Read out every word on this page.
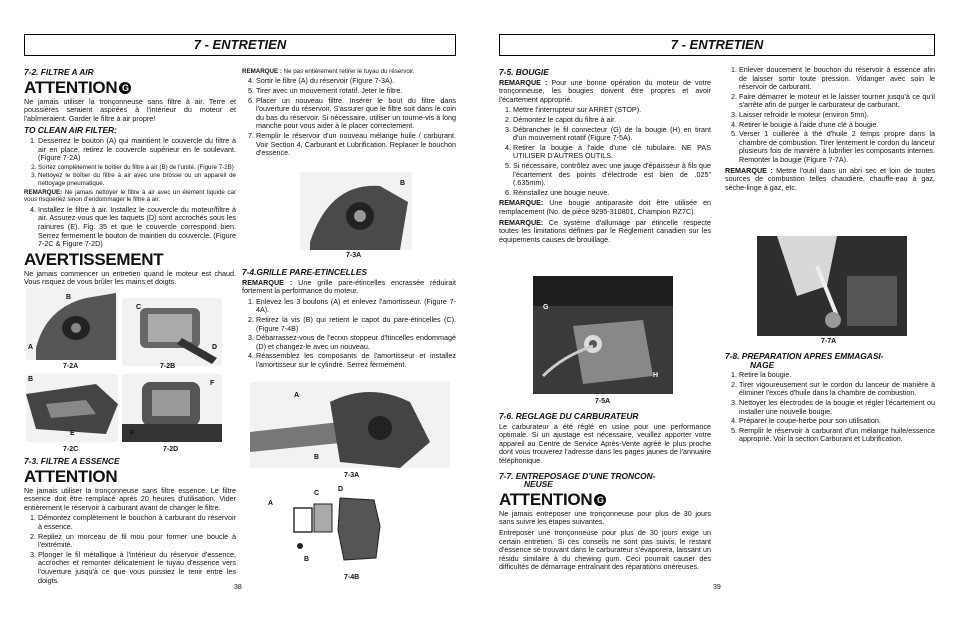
7 - ENTRETIEN
7-2. FILTRE A AIR
ATTENTION G

Ne jamais utiliser la tronçonneuse sans filtre à air. Terre et poussières seraient aspirées à l'intérieur du moteur et l'abîmeraient. Garder le filtre à air propre!

TO CLEAN AIR FILTER:
1. Desserrez le bouton (A) qui maintient le couvercle du filtre à air en place, retirez le couvercle supérieur en le soulevant. (Figure 7-2A)
2. Sortez complètement le boîtier du filtre à air (B) de l'unité. (Figure 7-2B)
3. Nettoyez le boîtier du filtre à air avec une brosse ou un appareil de nettoyage pneumatique.

REMARQUE: Ne jamais nettoyer le filtre à air avec un élément liquide car vous risqueriez sinon d'endommager le filtre à air.

4. Installez le filtre à air. Installez le couvercle du moteur/filtre à air. Assurez-vous que les taquets (D) sont accrochés sous les rainures (E). Fig. 35 et que le couvercle correspond bien. Serrez fermement le bouton de maintien du couvercle. (Figure 7-2C & Figure 7-2D)
AVERTISSEMENT

Ne jamais commencer un entretien quand le moteur est chaud. Vous risquez de vous brûler les mains et doigts.

B
A
7-2A
C
D
7-2B
B
E
7-2C
F
F
7-2D
7-3. FILTRE A ESSENCE
ATTENTION

Ne jamais utiliser la tronçonneuse sans filtre essence. Le filtre essence doit être remplacé après 20 heures d'utilisation. Vider entièrement le réservoir à carburant avant de changer le filtre.

1. Démontez complètement le bouchon à carburant du réservoir à essence.
2. Repliez un morceau de fil mou pour former une boucle à l'extrémité.
3. Plonger le fil métallique à l'intérieur du réservoir d'essence, accrocher et remonter délicatement le tuyau d'essence vers l'ouverture jusqu'à ce que vous puissiez le tenir entre les doigts.

REMARQUE : Ne pas entièrement retirer le tuyau du réservoir.

4. Sortir le filtre (A) du réservoir (Figure 7-3A).
5. Tirer avec un mouvement rotatif. Jeter le filtre.
6. Placer un nouveau filtre. Insérer le bout du filtre dans l'ouverture du réservoir. S'assurer que le filtre soit dans le coin du bas du réservoir. Si nécessaire, utiliser un tourne-vis à long manche pour vous aider à le placer correctement.
7. Remplir le réservoir d'un nouveau mélange huile / carburant. Voir Section 4, Carburant et Lubrification. Replacer le bouchon d'essence.
B
7-3A
7-4.GRILLE PARE-ETINCELLES

REMARQUE : Une grille pare-étincelles encrassée réduirait fortement la performance du moteur.

1. Enlevez les 3 boulons (A) et enlevez l'amortisseur. (Figure 7-4A).
2. Retirez la vis (B) qui retient le capot du pare-étincelles (C). (Figure 7-4B)
3. Débarrassez-vous de l'ecrxn stoppeur d'ltincelles endommagé (D) et changez-le avec un nouveau.
4. Réassemblez les composants de l'amortisseur et installez l'amortisseur sur le cylindre. Serrez fermement.
A
B
7-3A
A
C
D
B
7-4B
38
7 - ENTRETIEN
7-5. BOUGIE

REMARQUE : Pour une bonne opération du moteur de votre tronçonneuse, les bougies doivent être propres et avoir l'écartement approprié.

1. Mettre l'interrupteur sur ARRET (STOP).
2. Démontez le capot du filtre à air.
3. Débrancher le fil connecteur (G) de la bougie (H) en tirant d'un mouvement rotatif (Figure 7-5A).
4. Retirer la bougie à l'aide d'une clé tubulaire. NE PAS UTILISER D'AUTRES OUTILS.
5. Si nécessaire, contrôlez avec une jauge d'épaisseur à fils que l'écartement des points d'électrode est bien de .025" (.635mm).
6. Réinstallez une bougie neuve.

REMARQUE: Une bougie antiparasite doit être utilisée en remplacement (No. de pièce 9295-310801, Champion RZ7C).

REMARQUE: Ce système d'allumage par étincelle respecte toutes les limitations définies par le Règlement canadien sur les équipements causes de brouillage.

G
H
7-5A
7-6. REGLAGE DU CARBURATEUR

Le carburateur a été réglé en usine pour une performance optimale. Si un ajustage est nécessaire, veuillez apporter votre appareil au Centre de Service Après-Vente agréé le plus proche dont vous trouverez l'adresse dans les pages jaunes de l'annuaire téléphonique.

7-7. ENTREPOSAGE D'UNE TRONCON-
NEUSE
ATTENTION G

Ne jamais entreposer une tronçonneuse pour plus de 30 jours sans suivre les étapes suivantes.

Entreposer une tronçonneuse pour plus de 30 jours exige un certain entretien. Si ces conseils ne sont pas suivis, le restant d'essence se trouvant dans le carburateur s'évaporera, laissant un résidu similaire à du chewing gum. Ceci pourrait causer des difficultés de démarrage entraînant des réparations onéreuses.

1. Enlever doucement le bouchon du réservoir à essence afin de laisser sortir toute pression. Vidanger avec soin le réservoir de carburant.
2. Faire démarrer le moteur et le laisser tourner jusqu'à ce qu'il s'arrête afin de purger le carburateur de carburant.
3. Laisser refroidir le moteur (environ 5mn).
4. Retirer le bougie à l'aide d'une clé à bougie.
5. Verser 1 cuillerée à thé d'huile 2 temps propre dans la chambre de combustion. Tirer lentement le cordon du lanceur plusieurs fois de manière à lubrifier les composants internes. Remonter la bougie (Figure 7-7A).

REMARQUE : Mettre l'outil dans un abri sec et loin de toutes sources de combustion telles chaudière, chauffe-eau à gaz, sèche-linge à gaz, etc.

7-7A
7-8. PREPARATION APRES EMMAGASI-
NAGE
1. Retire la bougie.
2. Tirer vigoureusement sur le cordon du lanceur de manière à éliminer l'excés d'huile dans la chambre de combustion.
3. Nettoyer les électrodes de la bougie et régler l'écartement ou installer une nouvelle bougie.
4. Préparer le coupe-herbe pour son utilisation.
5. Remplir le réservoir à carburant d'un mélange huile/essence approprié. Voir la section Carburant et Lubrification.
39
